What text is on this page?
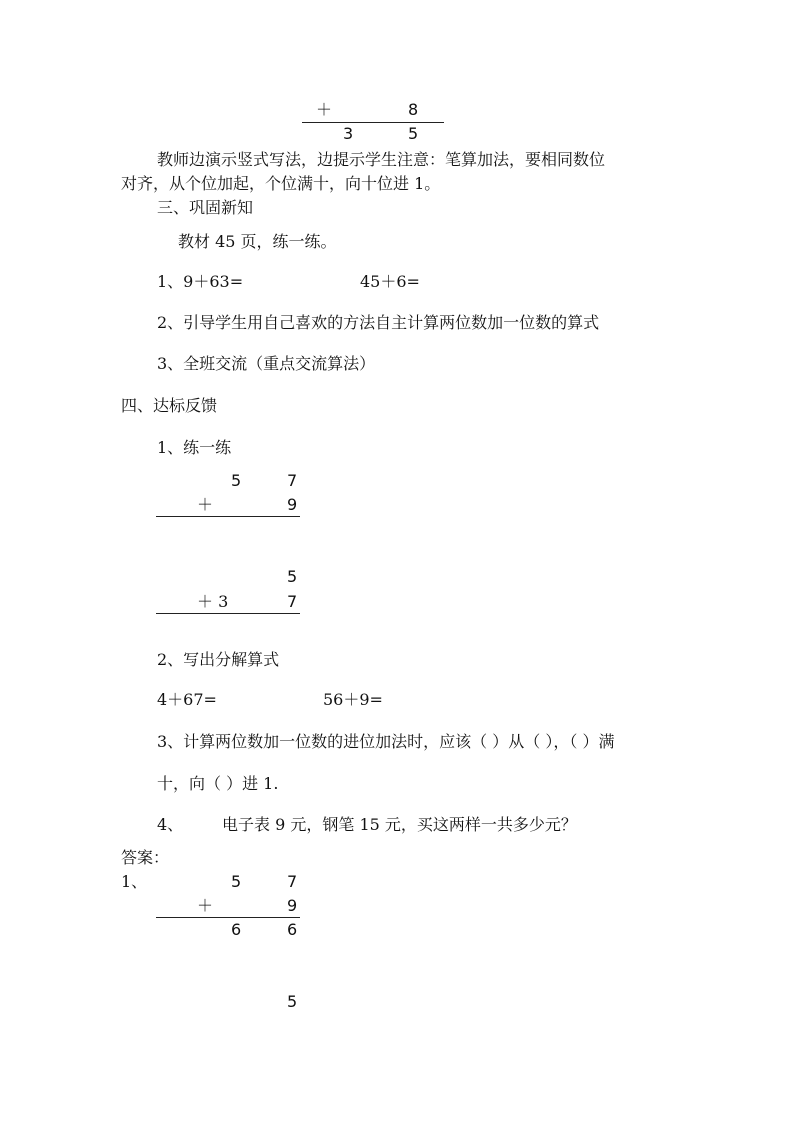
＋	8
3	5
教师边演示竖式写法，边提示学生注意：笔算加法，要相同数位
对齐，从个位加起，个位满十，向十位进 1。
三、巩固新知
教材 45 页，练一练。
1、9＋63=	45＋6=
2、引导学生用自己喜欢的方法自主计算两位数加一位数的算式
3、全班交流（重点交流算法）
四、达标反馈
1、练一练
5	7
＋	9
5
＋ 3	7
2、写出分解算式
4＋67=	56＋9=
3、计算两位数加一位数的进位加法时，应该（ ）从（ ），（ ）满
十，向（ ）进 1.
4、 电子表 9 元，钢笔 15 元，买这两样一共多少元？
答案：
1、	5	7
＋	9
6	6
5
